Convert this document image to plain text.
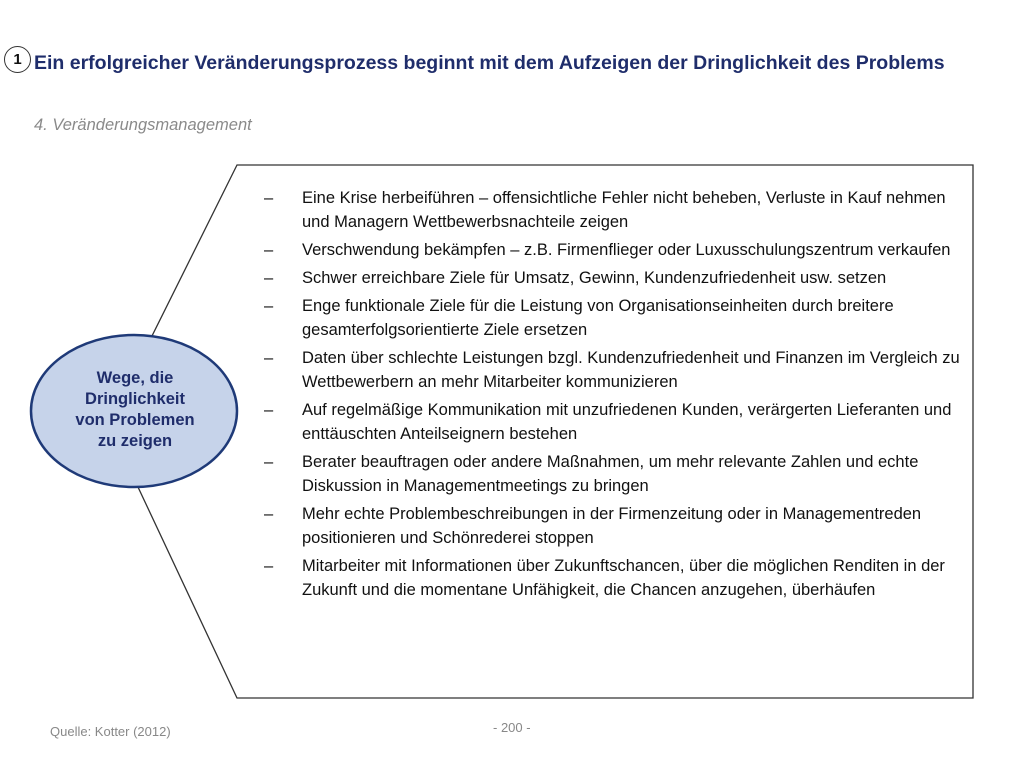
1 Ein erfolgreicher Veränderungsprozess beginnt mit dem Aufzeigen der Dringlichkeit des Problems
4. Veränderungsmanagement
Wege, die
Dringlichkeit
von Problemen
zu zeigen
–	Eine Krise herbeiführen – offensichtliche Fehler nicht beheben, Verluste in Kauf nehmen und Managern Wettbewerbsnachteile zeigen
–	Verschwendung bekämpfen – z.B. Firmenflieger oder Luxusschulungszentrum verkaufen
–	Schwer erreichbare Ziele für Umsatz, Gewinn, Kundenzufriedenheit usw. setzen
–	Enge funktionale Ziele für die Leistung von Organisationseinheiten durch breitere gesamterfolgsorientierte Ziele ersetzen
–	Daten über schlechte Leistungen bzgl. Kundenzufriedenheit und Finanzen im Vergleich zu Wettbewerbern an mehr Mitarbeiter kommunizieren
–	Auf regelmäßige Kommunikation mit unzufriedenen Kunden, verärgerten Lieferanten und enttäuschten Anteilseignern bestehen
–	Berater beauftragen oder andere Maßnahmen, um mehr relevante Zahlen und echte Diskussion in Managementmeetings zu bringen
–	Mehr echte Problembeschreibungen in der Firmenzeitung oder in Managementreden positionieren und Schönrederei stoppen
–	Mitarbeiter mit Informationen über Zukunftschancen, über die möglichen Renditen in der Zukunft und die momentane Unfähigkeit, die Chancen anzugehen, überhäufen
Quelle: Kotter (2012)	- 200 -
